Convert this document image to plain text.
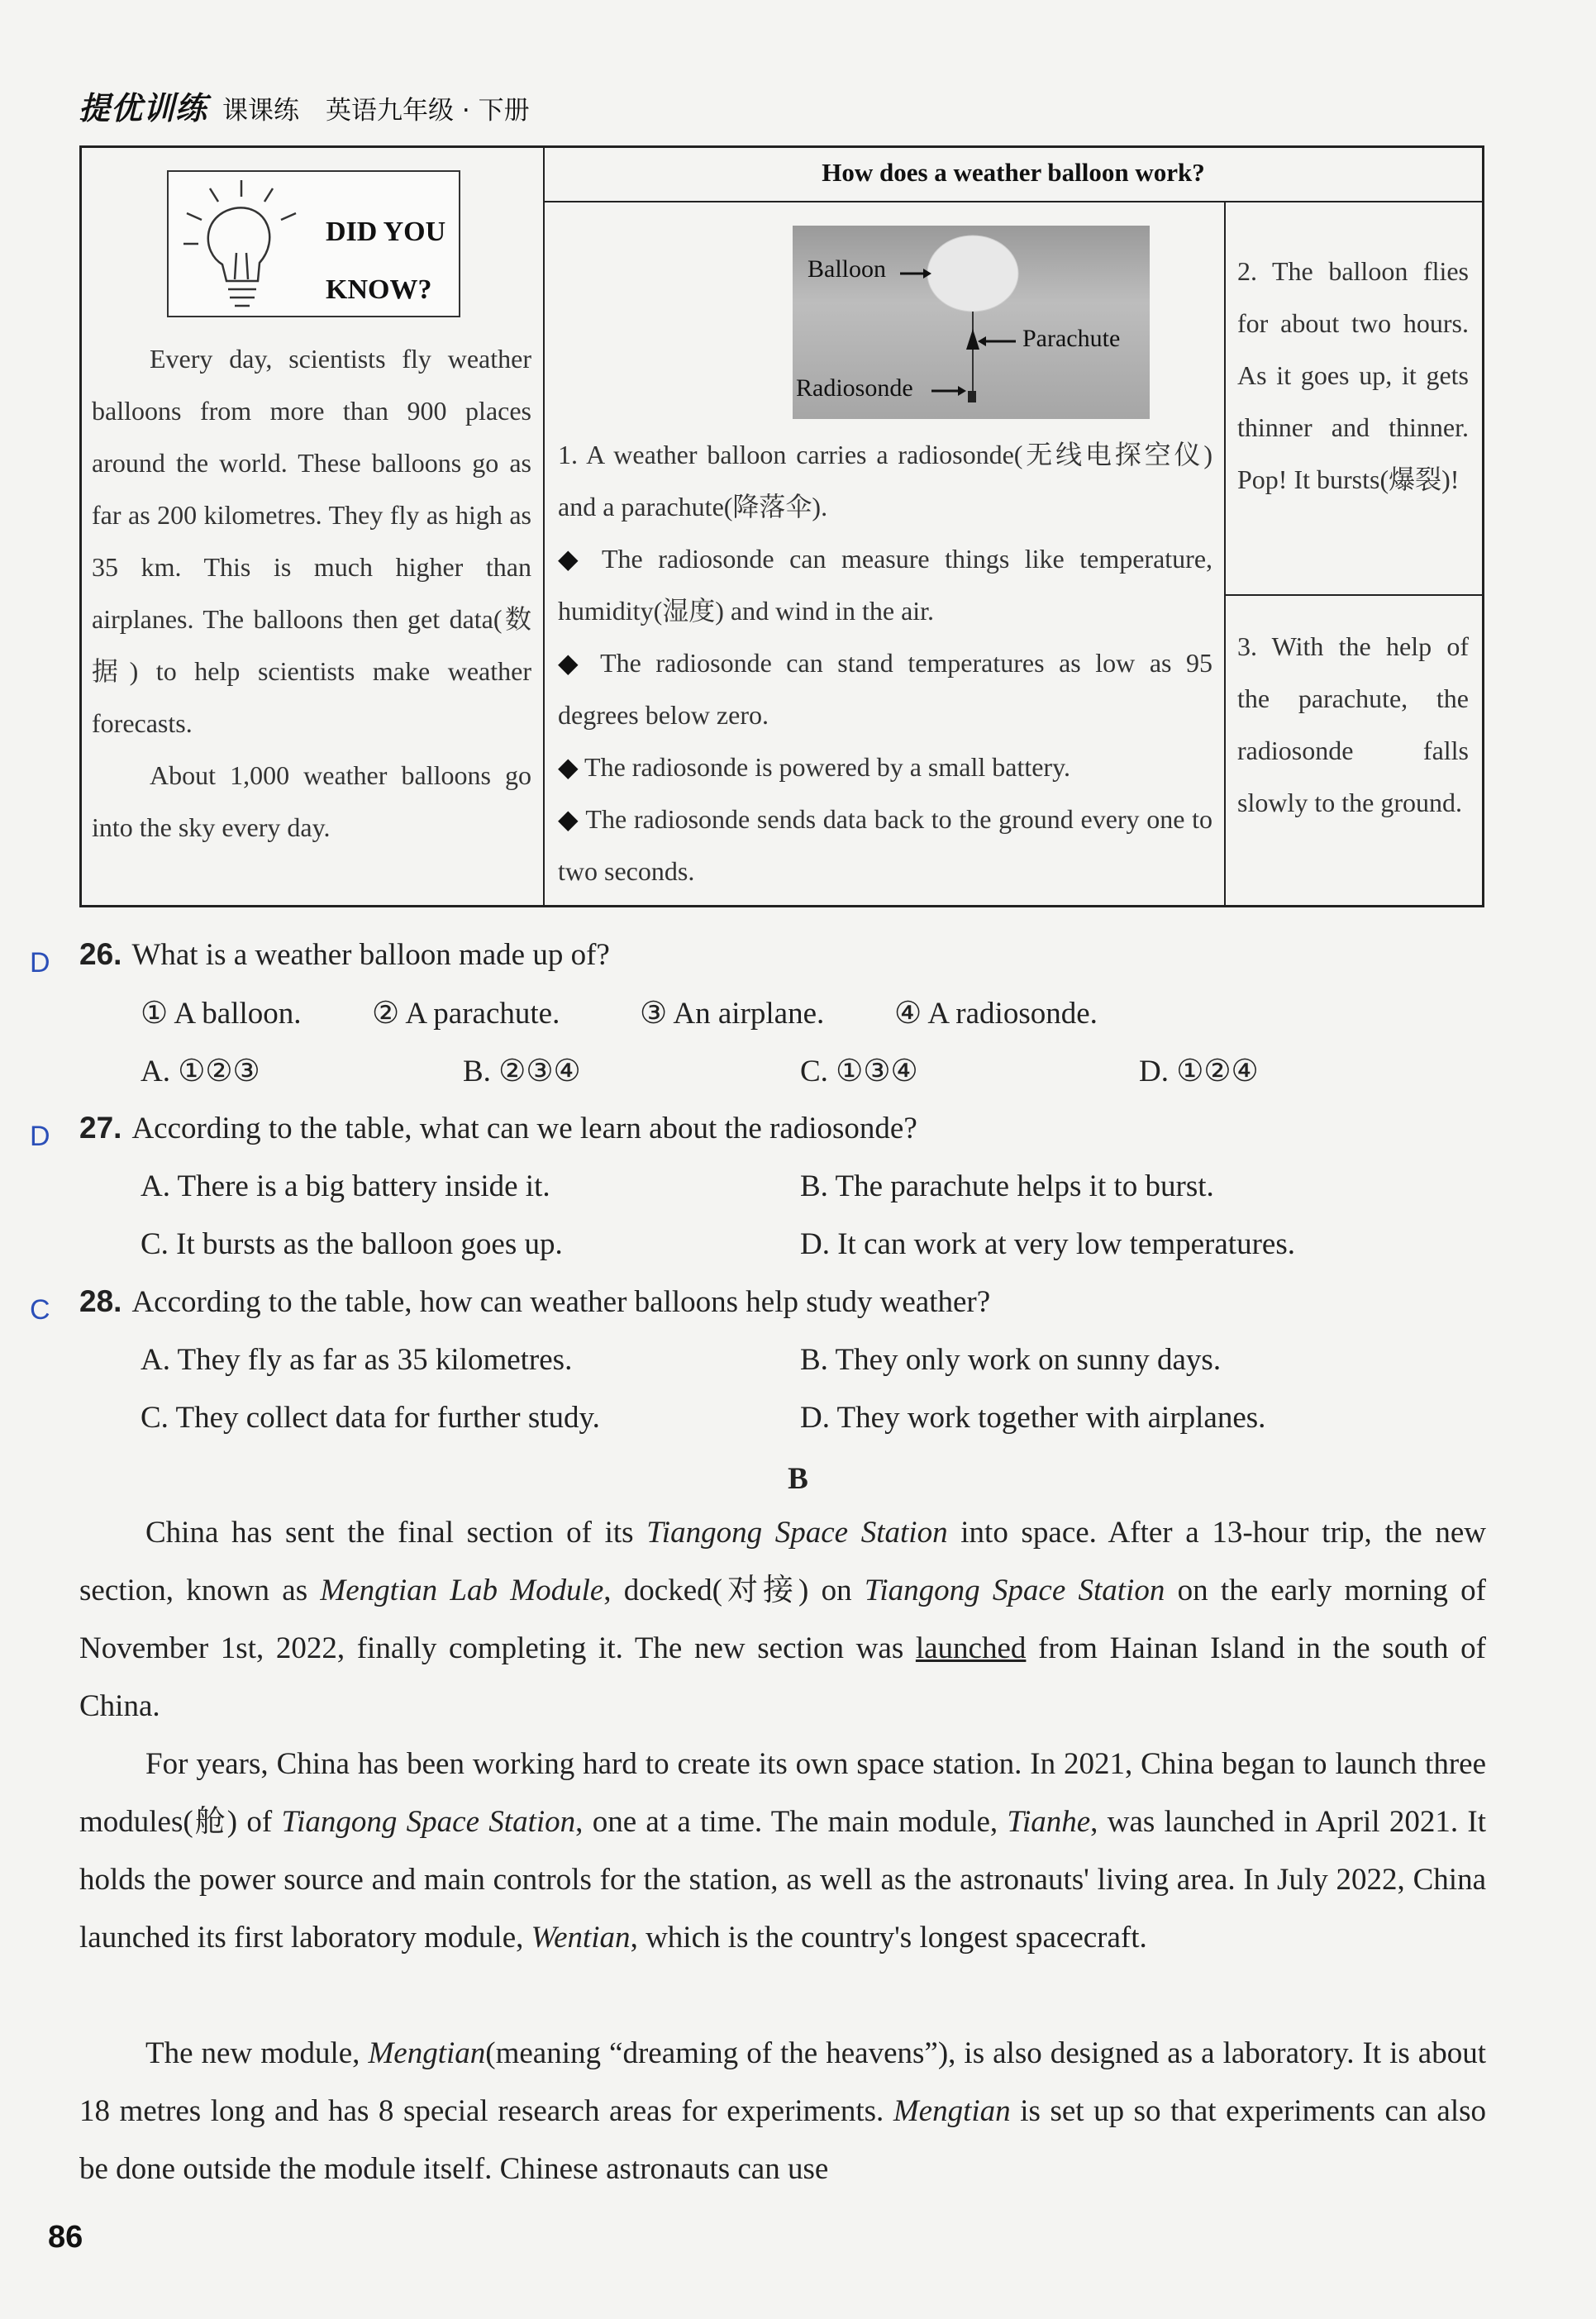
提优训练 课课练 英语九年级 · 下册
DID YOU
KNOW?
Every day, scientists fly weather balloons from more than 900 places around the world. These balloons go as far as 200 kilometres. They fly as high as 35 km. This is much higher than airplanes. The balloons then get data(数据) to help scientists make weather forecasts.
About 1,000 weather balloons go into the sky every day.
How does a weather balloon work?
Balloon
Parachute
Radiosonde
1. A weather balloon carries a radiosonde(无线电探空仪) and a parachute(降落伞).
◆ The radiosonde can measure things like temperature, humidity(湿度) and wind in the air.
◆ The radiosonde can stand temperatures as low as 95 degrees below zero.
◆ The radiosonde is powered by a small battery.
◆ The radiosonde sends data back to the ground every one to two seconds.
2. The balloon flies for about two hours. As it goes up, it gets thinner and thinner. Pop! It bursts(爆裂)!
3. With the help of the parachute, the radiosonde falls slowly to the ground.
D 26. What is a weather balloon made up of?
① A balloon. ② A parachute.	③ An airplane. ④ A radiosonde.
A. ①②③	B. ②③④	C. ①③④	D. ①②④
D 27. According to the table, what can we learn about the radiosonde?
A. There is a big battery inside it.	B. The parachute helps it to burst.
C. It bursts as the balloon goes up.	D. It can work at very low temperatures.
C 28. According to the table, how can weather balloons help study weather?
A. They fly as far as 35 kilometres.	B. They only work on sunny days.
C. They collect data for further study.	D. They work together with airplanes.
B
China has sent the final section of its Tiangong Space Station into space. After a 13-hour trip, the new section, known as Mengtian Lab Module, docked(对接) on Tiangong Space Station on the early morning of November 1st, 2022, finally completing it. The new section was launched from Hainan Island in the south of China.
For years, China has been working hard to create its own space station. In 2021, China began to launch three modules(舱) of Tiangong Space Station, one at a time. The main module, Tianhe, was launched in April 2021. It holds the power source and main controls for the station, as well as the astronauts' living area. In July 2022, China launched its first laboratory module, Wentian, which is the country's longest spacecraft.
The new module, Mengtian(meaning “dreaming of the heavens”), is also designed as a laboratory. It is about 18 metres long and has 8 special research areas for experiments. Mengtian is set up so that experiments can also be done outside the module itself. Chinese astronauts can use
86
